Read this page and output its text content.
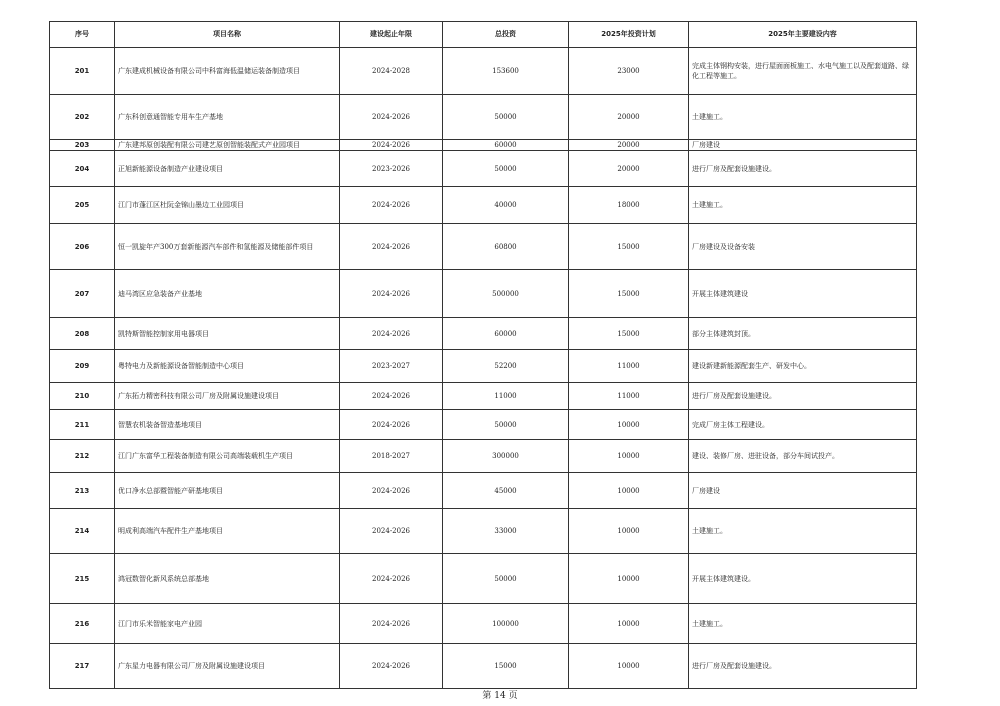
序号	项目名称	建设起止年限	总投资	2025年投资计划	2025年主要建设内容
201	广东建成机械设备有限公司中科富海低温储运装备制造项目	2024-2028	153600	23000	完成主体钢构安装，进行屋面面板施工、水电气施工以及配套道路、绿化工程等施工。
202	广东科创意通智能专用车生产基地	2024-2026	50000	20000	土建施工。
203	广东建邦原创装配有限公司建艺原创智能装配式产业园项目	2024-2026	60000	20000	厂房建设
204	正旭新能源设备制造产业建设项目	2023-2026	50000	20000	进行厂房及配套设施建设。
205	江门市蓬江区杜阮金锦山墨边工业园项目	2024-2026	40000	18000	土建施工。
206	恒一凯旋年产300万套新能源汽车部件和氢能源及储能部件项目	2024-2026	60800	15000	厂房建设及设备安装
207	迪马湾区应急装备产业基地	2024-2026	500000	15000	开展主体建筑建设
208	凯特斯智能控制家用电器项目	2024-2026	60000	15000	部分主体建筑封顶。
209	粤特电力及新能源设备智能制造中心项目	2023-2027	52200	11000	建设新建新能源配套生产、研发中心。
210	广东拓力精密科技有限公司厂房及附属设施建设项目	2024-2026	11000	11000	进行厂房及配套设施建设。
211	智慧农机装备智造基地项目	2024-2026	50000	10000	完成厂房主体工程建设。
212	江门广东富华工程装备制造有限公司高端装载机生产项目	2018-2027	300000	10000	建设、装修厂房、进驻设备，部分车间试投产。
213	优口净水总部暨智能产研基地项目	2024-2026	45000	10000	厂房建设
214	明成利高端汽车配件生产基地项目	2024-2026	33000	10000	土建施工。
215	鸿冠数智化新风系统总部基地	2024-2026	50000	10000	开展主体建筑建设。
216	江门市乐米智能家电产业园	2024-2026	100000	10000	土建施工。
217	广东星力电器有限公司厂房及附属设施建设项目	2024-2026	15000	10000	进行厂房及配套设施建设。
第 14 页
